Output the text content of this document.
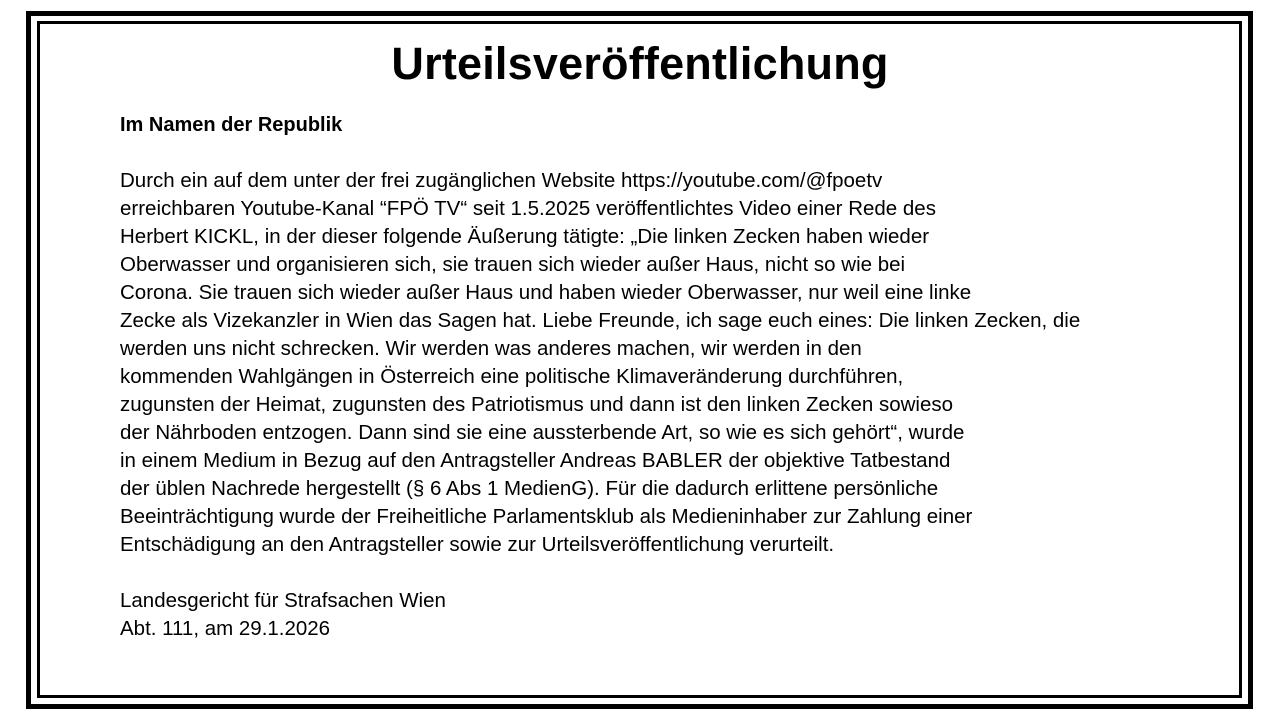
Urteilsveröffentlichung
Im Namen der Republik
Durch ein auf dem unter der frei zugänglichen Website https://youtube.com/@fpoetv
erreichbaren Youtube-Kanal “FPÖ TV“ seit 1.5.2025 veröffentlichtes Video einer Rede des
Herbert KICKL, in der dieser folgende Äußerung tätigte: „Die linken Zecken haben wieder
Oberwasser und organisieren sich, sie trauen sich wieder außer Haus, nicht so wie bei
Corona. Sie trauen sich wieder außer Haus und haben wieder Oberwasser, nur weil eine linke
Zecke als Vizekanzler in Wien das Sagen hat. Liebe Freunde, ich sage euch eines: Die linken Zecken, die
werden uns nicht schrecken. Wir werden was anderes machen, wir werden in den
kommenden Wahlgängen in Österreich eine politische Klimaveränderung durchführen,
zugunsten der Heimat, zugunsten des Patriotismus und dann ist den linken Zecken sowieso
der Nährboden entzogen. Dann sind sie eine aussterbende Art, so wie es sich gehört“, wurde
in einem Medium in Bezug auf den Antragsteller Andreas BABLER der objektive Tatbestand
der üblen Nachrede hergestellt (§ 6 Abs 1 MedienG). Für die dadurch erlittene persönliche
Beeinträchtigung wurde der Freiheitliche Parlamentsklub als Medieninhaber zur Zahlung einer
Entschädigung an den Antragsteller sowie zur Urteilsveröffentlichung verurteilt.
Landesgericht für Strafsachen Wien
Abt. 111, am 29.1.2026
